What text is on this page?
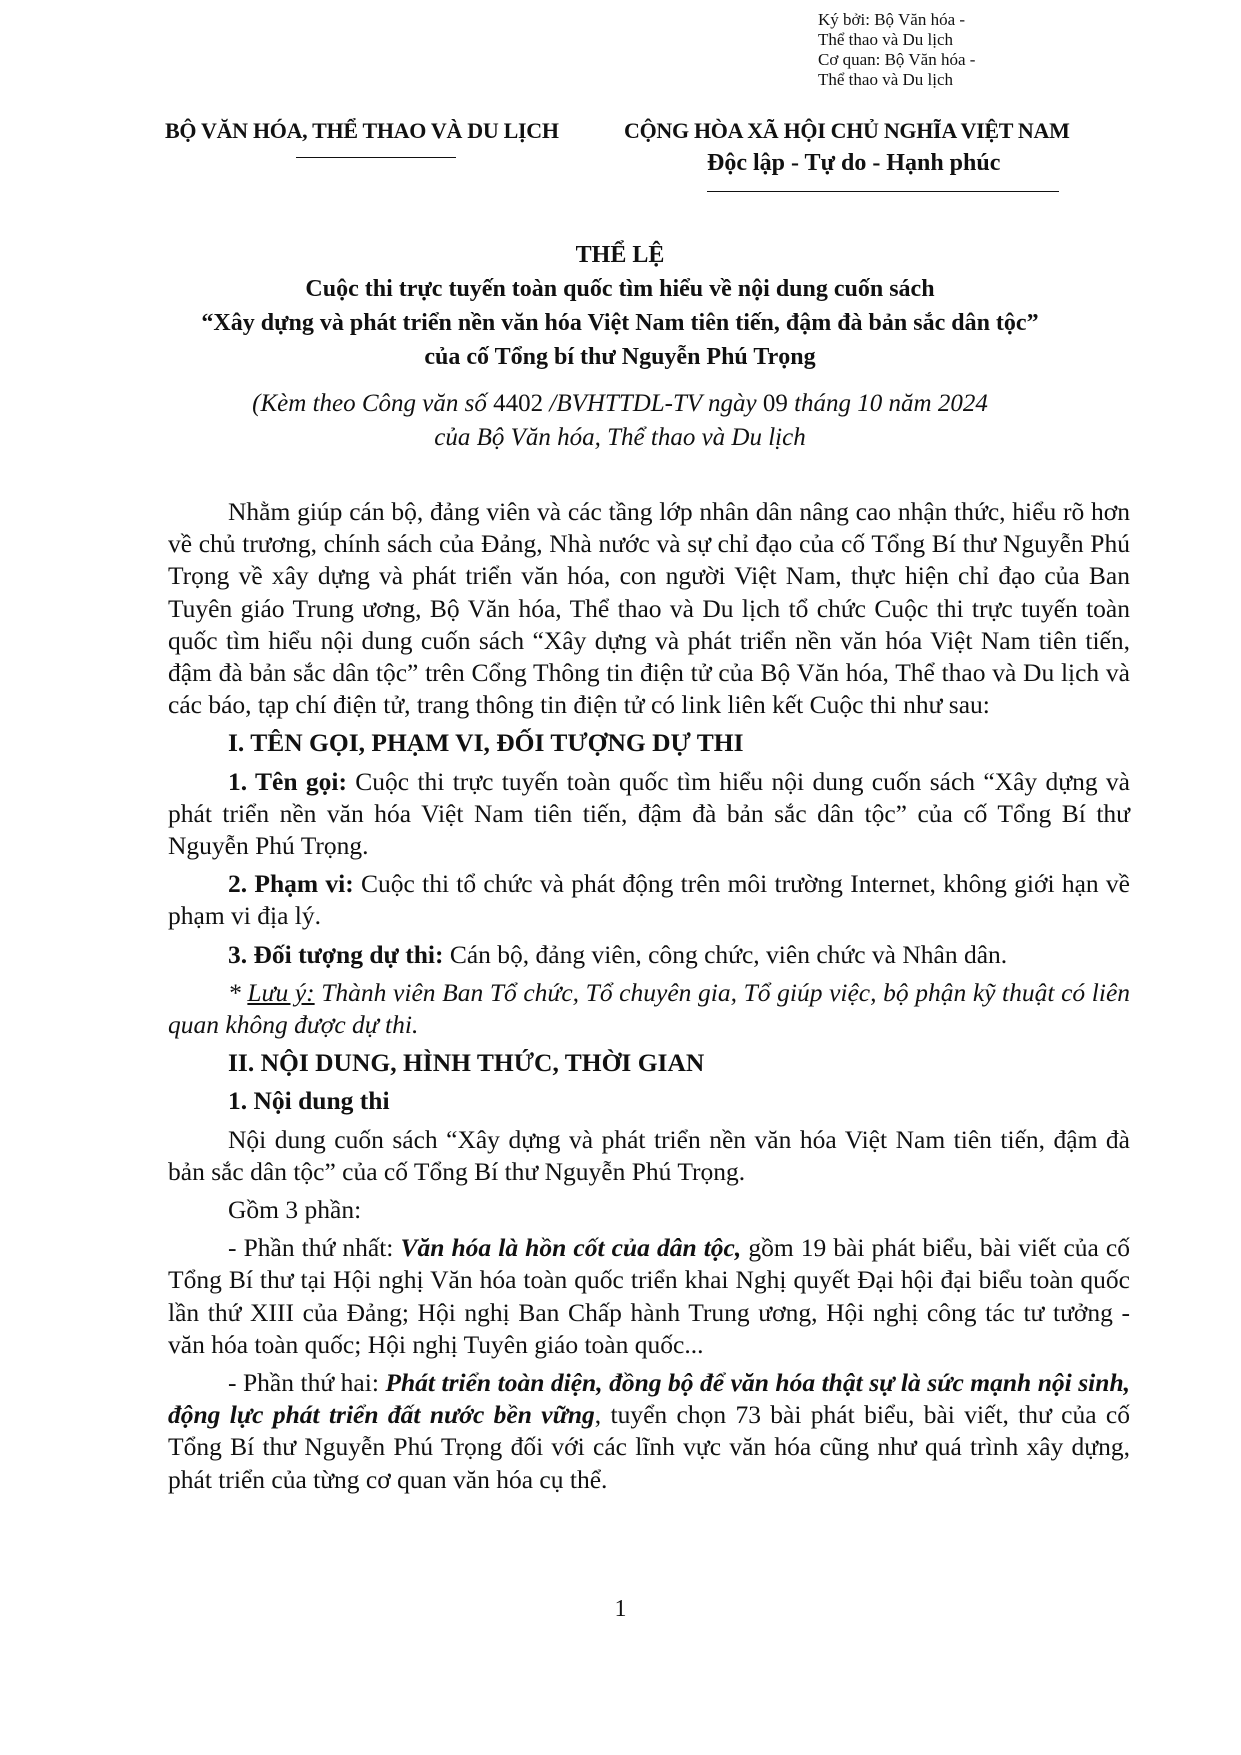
Ký bởi: Bộ Văn hóa -
Thể thao và Du lịch
Cơ quan: Bộ Văn hóa -
Thể thao và Du lịch
BỘ VĂN HÓA, THỂ THAO VÀ DU LỊCH	CỘNG HÒA XÃ HỘI CHỦ NGHĨA VIỆT NAM
Độc lập - Tự do - Hạnh phúc
THỂ LỆ
Cuộc thi trực tuyến toàn quốc tìm hiểu về nội dung cuốn sách
“Xây dựng và phát triển nền văn hóa Việt Nam tiên tiến, đậm đà bản sắc dân tộc”
của cố Tổng bí thư Nguyễn Phú Trọng
(Kèm theo Công văn số 4402 /BVHTTDL-TV ngày 09 tháng 10 năm 2024
của Bộ Văn hóa, Thể thao và Du lịch

Nhằm giúp cán bộ, đảng viên và các tầng lớp nhân dân nâng cao nhận thức, hiểu rõ hơn về chủ trương, chính sách của Đảng, Nhà nước và sự chỉ đạo của cố Tổng Bí thư Nguyễn Phú Trọng về xây dựng và phát triển văn hóa, con người Việt Nam, thực hiện chỉ đạo của Ban Tuyên giáo Trung ương, Bộ Văn hóa, Thể thao và Du lịch tổ chức Cuộc thi trực tuyến toàn quốc tìm hiểu nội dung cuốn sách “Xây dựng và phát triển nền văn hóa Việt Nam tiên tiến, đậm đà bản sắc dân tộc” trên Cổng Thông tin điện tử của Bộ Văn hóa, Thể thao và Du lịch và các báo, tạp chí điện tử, trang thông tin điện tử có link liên kết Cuộc thi như sau:

I. TÊN GỌI, PHẠM VI, ĐỐI TƯỢNG DỰ THI

1. Tên gọi: Cuộc thi trực tuyến toàn quốc tìm hiểu nội dung cuốn sách “Xây dựng và phát triển nền văn hóa Việt Nam tiên tiến, đậm đà bản sắc dân tộc” của cố Tổng Bí thư Nguyễn Phú Trọng.

2. Phạm vi: Cuộc thi tổ chức và phát động trên môi trường Internet, không giới hạn về phạm vi địa lý.

3. Đối tượng dự thi: Cán bộ, đảng viên, công chức, viên chức và Nhân dân.

* Lưu ý: Thành viên Ban Tổ chức, Tổ chuyên gia, Tổ giúp việc, bộ phận kỹ thuật có liên quan không được dự thi.

II. NỘI DUNG, HÌNH THỨC, THỜI GIAN

1. Nội dung thi

Nội dung cuốn sách “Xây dựng và phát triển nền văn hóa Việt Nam tiên tiến, đậm đà bản sắc dân tộc” của cố Tổng Bí thư Nguyễn Phú Trọng.

Gồm 3 phần:

- Phần thứ nhất: Văn hóa là hồn cốt của dân tộc, gồm 19 bài phát biểu, bài viết của cố Tổng Bí thư tại Hội nghị Văn hóa toàn quốc triển khai Nghị quyết Đại hội đại biểu toàn quốc lần thứ XIII của Đảng; Hội nghị Ban Chấp hành Trung ương, Hội nghị công tác tư tưởng - văn hóa toàn quốc; Hội nghị Tuyên giáo toàn quốc...

- Phần thứ hai: Phát triển toàn diện, đồng bộ để văn hóa thật sự là sức mạnh nội sinh, động lực phát triển đất nước bền vững, tuyển chọn 73 bài phát biểu, bài viết, thư của cố Tổng Bí thư Nguyễn Phú Trọng đối với các lĩnh vực văn hóa cũng như quá trình xây dựng, phát triển của từng cơ quan văn hóa cụ thể.

1
